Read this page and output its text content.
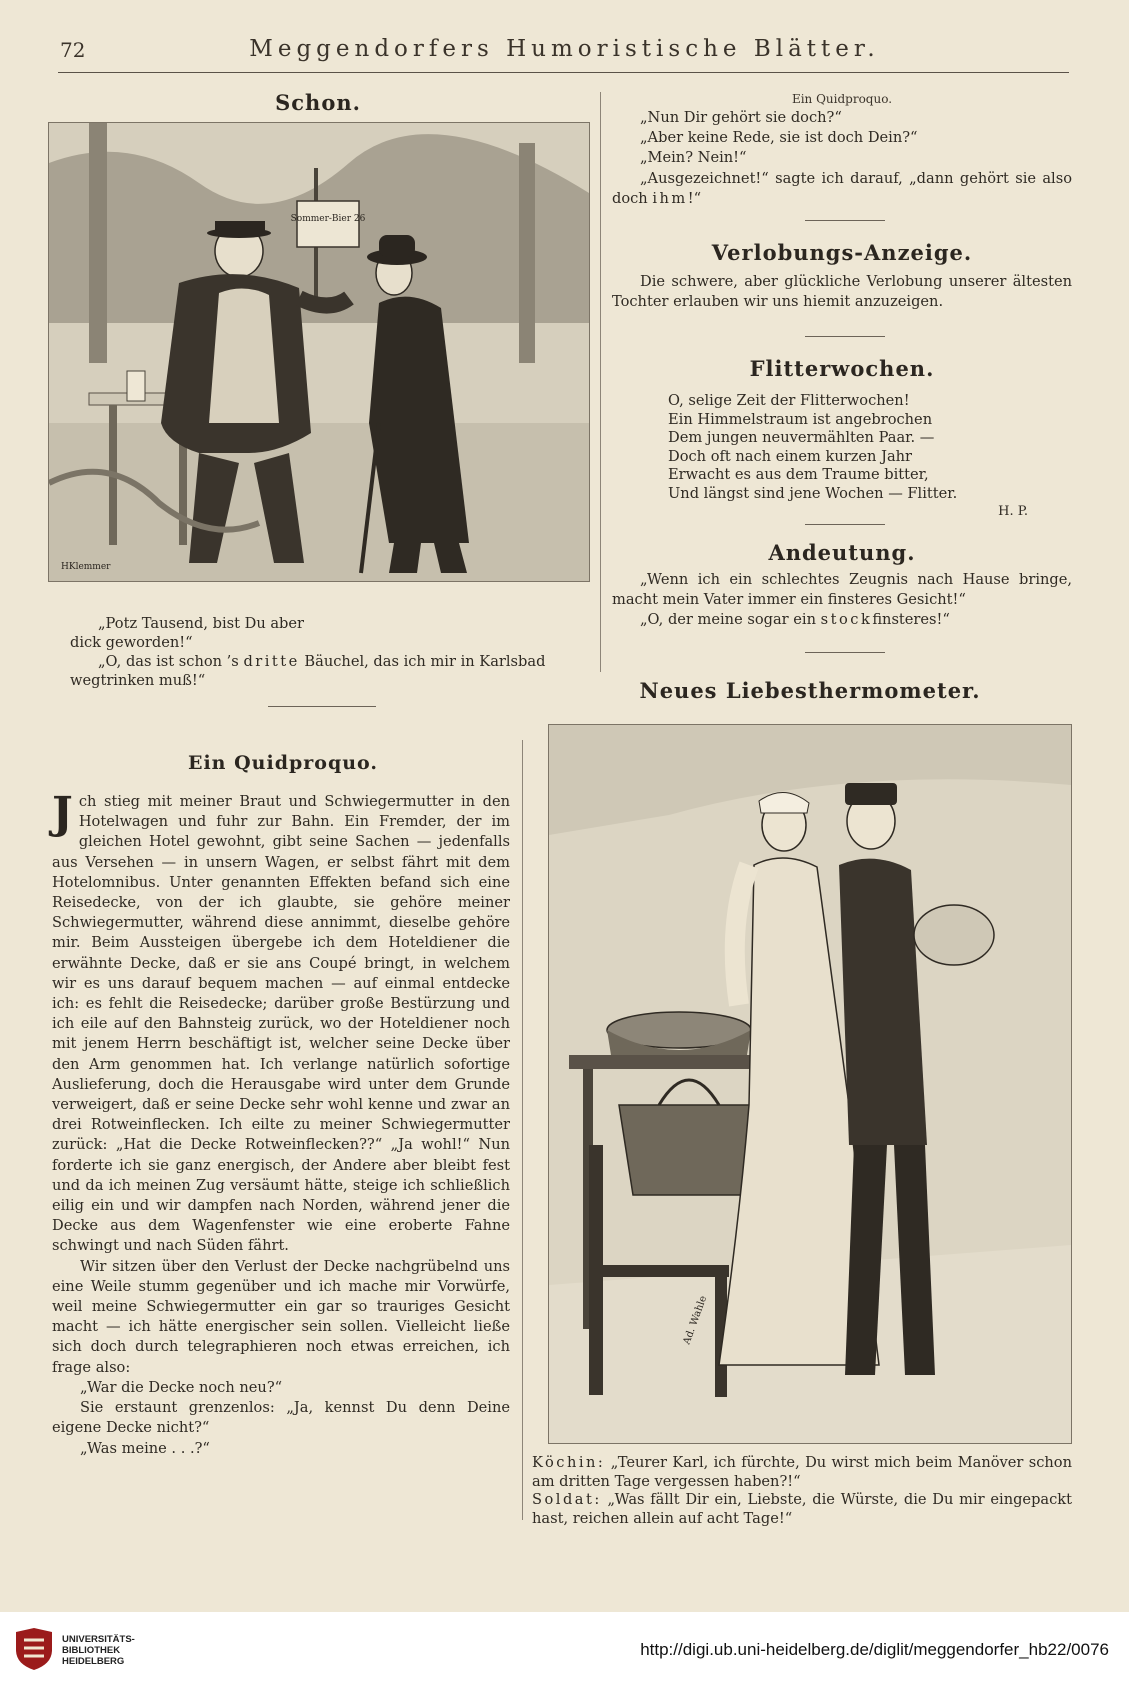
72	Meggendorfers Humoristische Blätter.
Schon.
Sommer-Bier 26
HKlemmer

„Potz Tausend, bist Du aber dick geworden!“

„O, das ist schon ’s dritte Bäuchel, das ich mir in Karlsbad wegtrinken muß!“

Ein Quidproquo.

Jch stieg mit meiner Braut und Schwiegermutter in den Hotelwagen und fuhr zur Bahn. Ein Fremder, der im gleichen Hotel gewohnt, gibt seine Sachen — jedenfalls aus Versehen — in unsern Wagen, er selbst fährt mit dem Hotelomnibus. Unter genannten Effekten befand sich eine Reisedecke, von der ich glaubte, sie gehöre meiner Schwiegermutter, während diese annimmt, dieselbe gehöre mir. Beim Aussteigen übergebe ich dem Hoteldiener die erwähnte Decke, daß er sie ans Coupé bringt, in welchem wir es uns darauf bequem machen — auf einmal entdecke ich: es fehlt die Reisedecke; darüber große Bestürzung und ich eile auf den Bahnsteig zurück, wo der Hoteldiener noch mit jenem Herrn beschäftigt ist, welcher seine Decke über den Arm genommen hat. Ich verlange natürlich sofortige Auslieferung, doch die Herausgabe wird unter dem Grunde verweigert, daß er seine Decke sehr wohl kenne und zwar an drei Rotweinflecken. Ich eilte zu meiner Schwiegermutter zurück: „Hat die Decke Rotweinflecken??“ „Ja wohl!“ Nun forderte ich sie ganz energisch, der Andere aber bleibt fest und da ich meinen Zug versäumt hätte, steige ich schließlich eilig ein und wir dampfen nach Norden, während jener die Decke aus dem Wagenfenster wie eine eroberte Fahne schwingt und nach Süden fährt.

Wir sitzen über den Verlust der Decke nachgrübelnd uns eine Weile stumm gegenüber und ich mache mir Vorwürfe, weil meine Schwiegermutter ein gar so trauriges Gesicht macht — ich hätte energischer sein sollen. Vielleicht ließe sich doch durch telegraphieren noch etwas erreichen, ich frage also:

„War die Decke noch neu?“

Sie erstaunt grenzenlos: „Ja, kennst Du denn Deine eigene Decke nicht?“

„Was meine . . .?“

Ein Quidproquo.

„Nun Dir gehört sie doch?“

„Aber keine Rede, sie ist doch Dein?“

„Mein? Nein!“

„Ausgezeichnet!“ sagte ich darauf, „dann gehört sie also doch ihm!“

Verlobungs-Anzeige.

Die schwere, aber glückliche Verlobung unserer ältesten Tochter erlauben wir uns hiemit anzuzeigen.

Flitterwochen.
O, selige Zeit der Flitterwochen!
Ein Himmelstraum ist angebrochen
Dem jungen neuvermählten Paar. —
Doch oft nach einem kurzen Jahr
Erwacht es aus dem Traume bitter,
Und längst sind jene Wochen — Flitter.
H. P.
Andeutung.

„Wenn ich ein schlechtes Zeugnis nach Hause bringe, macht mein Vater immer ein finsteres Gesicht!“

„O, der meine sogar ein stockfinsteres!“

Neues Liebesthermometer.
Ad. Wahle

Köchin: „Teurer Karl, ich fürchte, Du wirst mich beim Manöver schon am dritten Tage vergessen haben?!“

Soldat: „Was fällt Dir ein, Liebste, die Würste, die Du mir eingepackt hast, reichen allein auf acht Tage!“

UNIVERSITÄTS-
BIBLIOTHEK
HEIDELBERG
http://digi.ub.uni-heidelberg.de/diglit/meggendorfer_hb22/0076
